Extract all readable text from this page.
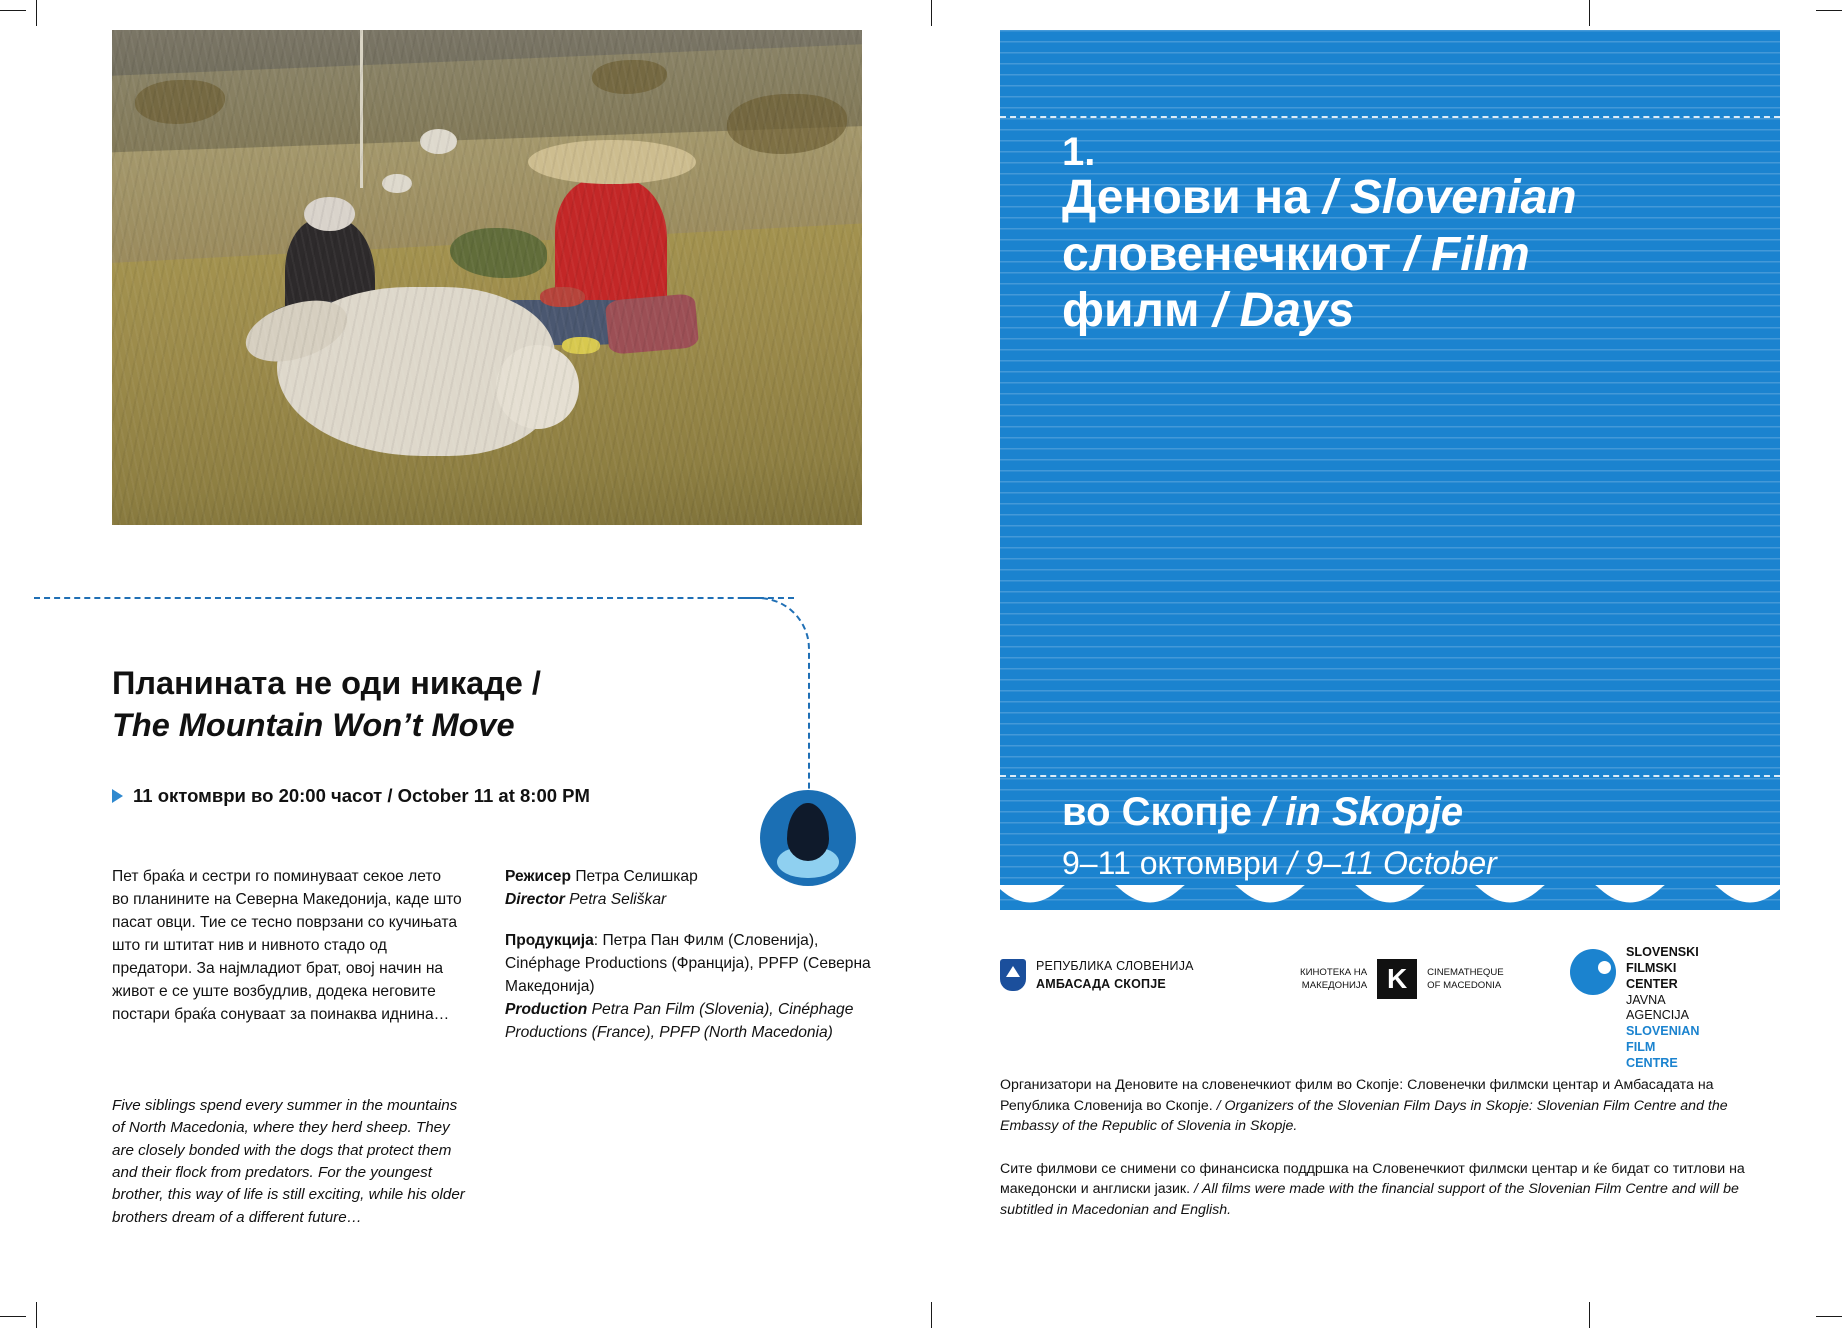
Планината не оди никаде /
The Mountain Won’t Move
11 октомври во 20:00 часот / October 11 at 8:00 PM
Пет браќа и сестри го поминуваат секое лето во планините на Северна Македонија, каде што пасат овци. Тие се тесно поврзани со кучињата што ги штитат нив и нивното стадо од предатори. За најмладиот брат, овој начин на живот е се уште возбудлив, додека неговите постари браќа сонуваат за поинаква иднина…
Five siblings spend every summer in the mountains of North Macedonia, where they herd sheep. They are closely bonded with the dogs that protect them and their flock from predators. For the youngest brother, this way of life is still exciting, while his older brothers dream of a different future…

Режисер Петра Селишкар
Director Petra Seliškar

Продукција: Петра Пан Филм (Словенија), Cinéphage Productions (Франција), PPFP (Северна Македонија)
Production Petra Pan Film (Slovenia), Cinéphage Productions (France), PPFP (North Macedonia)

1.
Денови на / Slovenian
словенечкиот / Film
филм / Days
во Скопје / in Skopje
9–11 октомври / 9–11 October
РЕПУБЛИКА СЛОВЕНИЈА
АМБАСАДА СКОПЈЕ
КИНОТЕКА НА
МАКЕДОНИЈА K	CINEMATHEQUE
OF MACEDONIA
SLOVENSKI
FILMSKI
CENTER
JAVNA
AGENCIJA
SLOVENIAN
FILM
CENTRE

Организатори на Деновите на словенечкиот филм во Скопје: Словенечки филмски центар и Амбасадата на Република Словенија во Скопје. / Organizers of the Slovenian Film Days in Skopje: Slovenian Film Centre and the Embassy of the Republic of Slovenia in Skopje.

Сите филмови се снимени со финансиска поддршка на Словенечкиот филмски центар и ќе бидат со титлови на македонски и англиски јазик. / All films were made with the financial support of the Slovenian Film Centre and will be subtitled in Macedonian and English.
